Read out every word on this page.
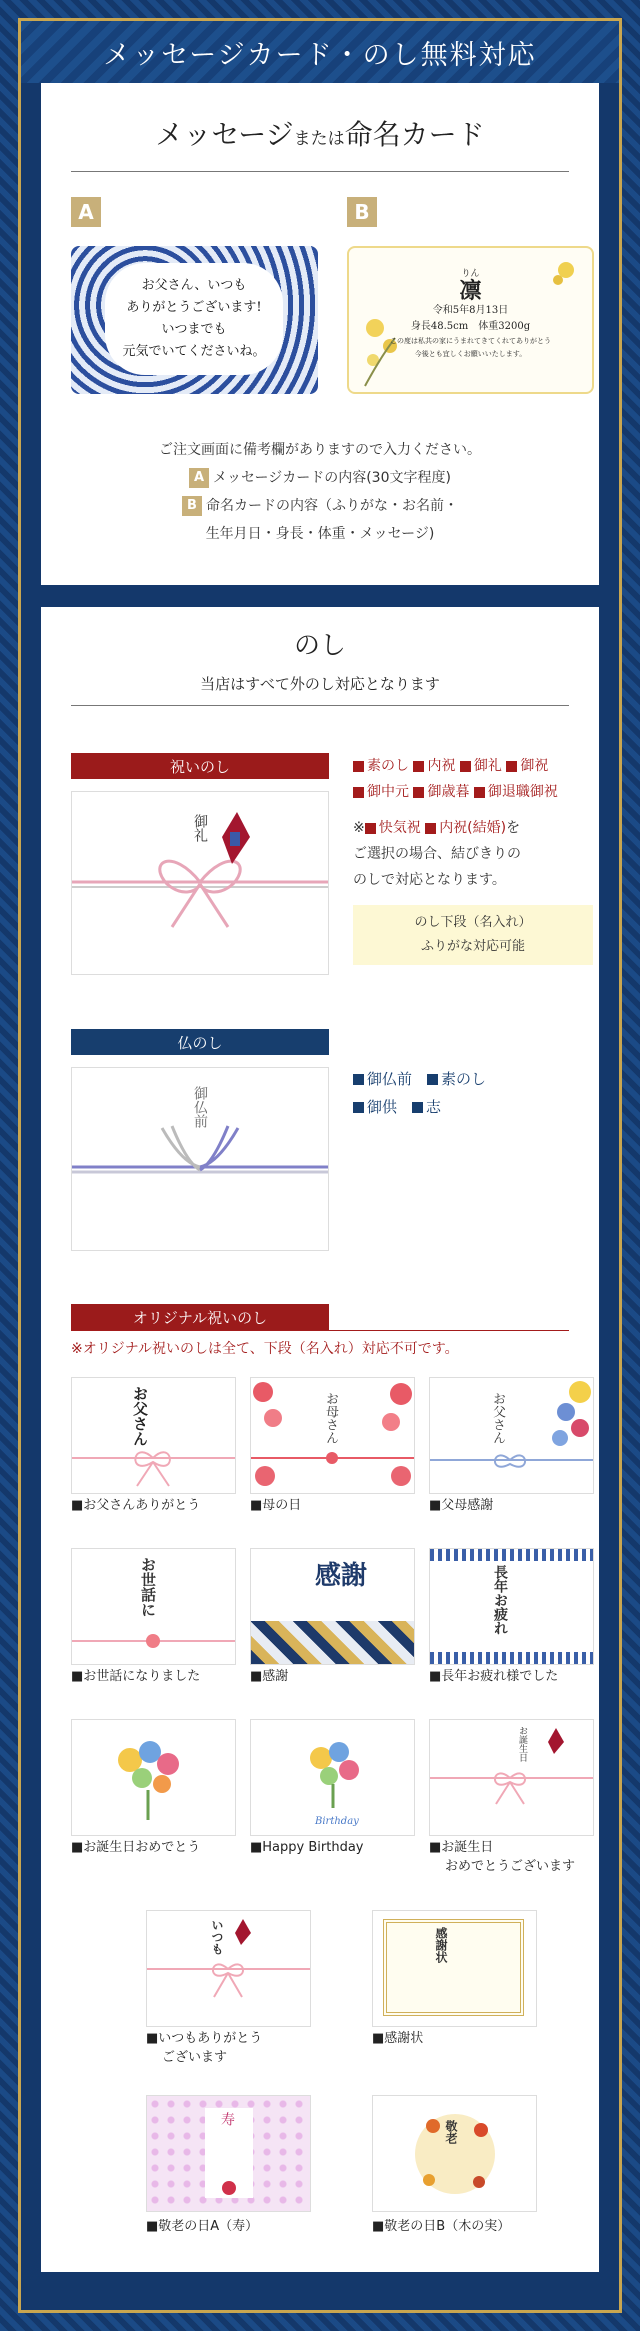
メッセージカード・のし無料対応
メッセージまたは命名カード
A	B
お父さん、いつも
ありがとうございます!
いつまでも
元気でいてくださいね。
りん
凛
令和5年8月13日
身長48.5cm　体重3200g
この度は私共の家にうまれてきてくれてありがとう
今後とも宜しくお願いいたします。
ご注文画面に備考欄がありますので入力ください。
A メッセージカードの内容(30文字程度)
B 命名カードの内容（ふりがな・お名前・
生年月日・身長・体重・メッセージ)
のし
当店はすべて外のし対応となります
祝いのし
御礼
素のし 内祝 御礼 御祝
御中元 御歳暮 御退職御祝
※ 快気祝 内祝(結婚)を
ご選択の場合、結びきりの
のしで対応となります。
のし下段（名入れ）
ふりがな対応可能
仏のし
御仏前
御仏前　 素のし
御供　 志
オリジナル祝いのし
※オリジナル祝いのしは全て、下段（名入れ）対応不可です。
お父さん
■お父さんありがとう
お母さん
■母の日
お父さん
■父母感謝
お世話に
■お世話になりました
感謝
■感謝
長年お疲れ
■長年お疲れ様でした
■お誕生日おめでとう
Birthday
■Happy Birthday
お誕生日
■お誕生日
おめでとうございます
いつも
■いつもありがとう
ございます
感謝状
■感謝状
寿
■敬老の日A（寿）
敬老
■敬老の日B（木の実）
